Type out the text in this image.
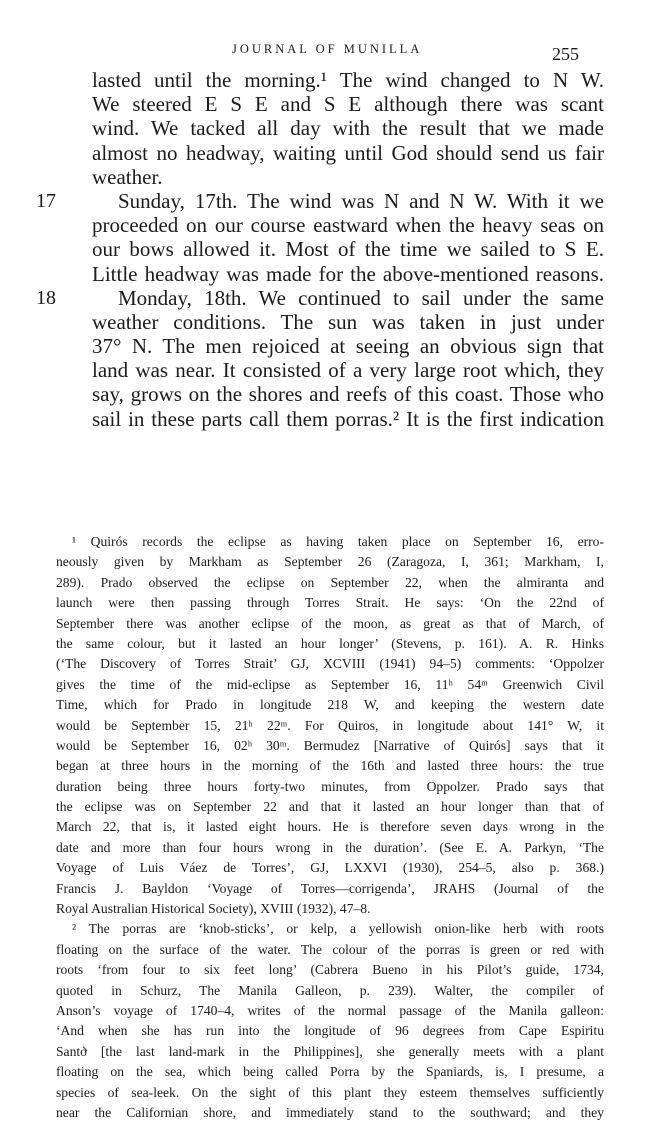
JOURNAL OF MUNILLA	255
lasted until the morning.¹ The wind changed to N W.
We steered E S E and S E although there was scant
wind. We tacked all day with the result that we made
almost no headway, waiting until God should send us fair
weather.
17	Sunday, 17th. The wind was N and N W. With it we
proceeded on our course eastward when the heavy seas on
our bows allowed it. Most of the time we sailed to S E.
Little headway was made for the above-mentioned reasons.
18	Monday, 18th. We continued to sail under the same
weather conditions. The sun was taken in just under
37° N. The men rejoiced at seeing an obvious sign that
land was near. It consisted of a very large root which, they
say, grows on the shores and reefs of this coast. Those who
sail in these parts call them porras.² It is the first indication
¹ Quirós records the eclipse as having taken place on September 16, erro-
neously given by Markham as September 26 (Zaragoza, I, 361; Markham, I,
289). Prado observed the eclipse on September 22, when the almiranta and
launch were then passing through Torres Strait. He says: ‘On the 22nd of
September there was another eclipse of the moon, as great as that of March, of
the same colour, but it lasted an hour longer’ (Stevens, p. 161). A. R. Hinks
(‘The Discovery of Torres Strait’ GJ, XCVIII (1941) 94–5) comments: ‘Oppolzer
gives the time of the mid-eclipse as September 16, 11ʰ 54ᵐ Greenwich Civil
Time, which for Prado in longitude 218 W, and keeping the western date
would be September 15, 21ʰ 22ᵐ. For Quiros, in longitude about 141° W, it
would be September 16, 02ʰ 30ᵐ. Bermudez [Narrative of Quirós] says that it
began at three hours in the morning of the 16th and lasted three hours: the true
duration being three hours forty-two minutes, from Oppolzer. Prado says that
the eclipse was on September 22 and that it lasted an hour longer than that of
March 22, that is, it lasted eight hours. He is therefore seven days wrong in the
date and more than four hours wrong in the duration’. (See E. A. Parkyn, ‘The
Voyage of Luis Váez de Torres’, GJ, LXXVI (1930), 254–5, also p. 368.)
Francis J. Bayldon ‘Voyage of Torres—corrigenda’, JRAHS (Journal of the
Royal Australian Historical Society), XVIII (1932), 47–8.
² The porras are ‘knob-sticks’, or kelp, a yellowish onion-like herb with roots
floating on the surface of the water. The colour of the porras is green or red with
roots ‘from four to six feet long’ (Cabrera Bueno in his Pilot’s guide, 1734,
quoted in Schurz, The Manila Galleon, p. 239). Walter, the compiler of
Anson’s voyage of 1740–4, writes of the normal passage of the Manila galleon:
‘And when she has run into the longitude of 96 degrees from Cape Espiritu
Santo [the last land-mark in the Philippines], she generally meets with a plant
floating on the sea, which being called Porra by the Spaniards, is, I presume, a
species of sea-leek. On the sight of this plant they esteem themselves sufficiently
near the Californian shore, and immediately stand to the southward; and they
